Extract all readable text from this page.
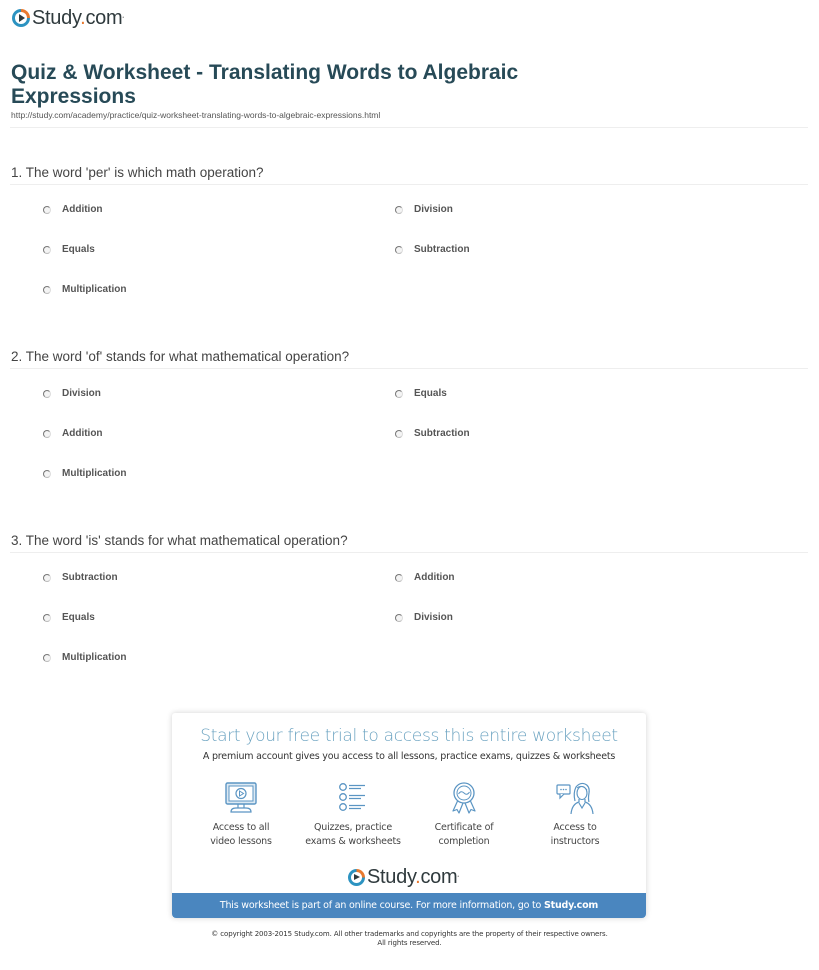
Study.com•
Quiz & Worksheet - Translating Words to Algebraic Expressions
http://study.com/academy/practice/quiz-worksheet-translating-words-to-algebraic-expressions.html
1. The word 'per' is which math operation?
Addition	Division
Equals	Subtraction
Multiplication
2. The word 'of' stands for what mathematical operation?
Division	Equals
Addition	Subtraction
Multiplication
3. The word 'is' stands for what mathematical operation?
Subtraction	Addition
Equals	Division
Multiplication
Start your free trial to access this entire worksheet
A premium account gives you access to all lessons, practice exams, quizzes & worksheets
Access to all
video lessons
Quizzes, practice
exams & worksheets
Certificate of
completion
Access to
instructors
Study.com•
This worksheet is part of an online course. For more information, go to Study.com
© copyright 2003-2015 Study.com. All other trademarks and copyrights are the property of their respective owners.
All rights reserved.
